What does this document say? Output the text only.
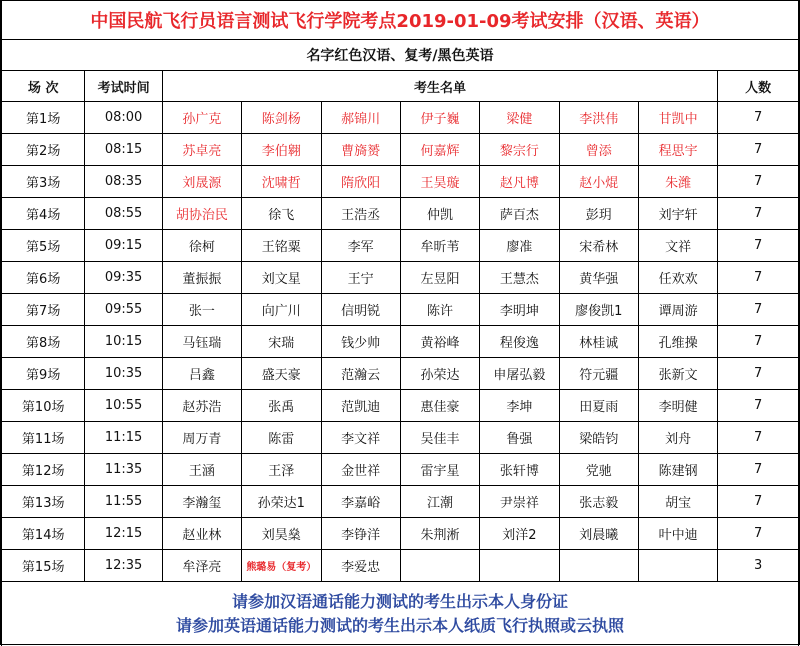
中国民航飞行员语言测试飞行学院考点2019-01-09考试安排（汉语、英语）									
名字红色汉语、复考/黑色英语									
场 次	考试时间	考生名单							人数
第1场	08:00	孙广克	陈剑杨	郝锦川	伊子巍	梁健	李洪伟	甘凯中	7
第2场	08:15	苏卓亮	李伯翱	曹旖赟	何嘉辉	黎宗行	曾添	程思宇	7
第3场	08:35	刘晟源	沈啸哲	隋欣阳	王昊璇	赵凡博	赵小焜	朱潍	7
第4场	08:55	胡协治民	徐飞	王浩丞	仲凯	萨百杰	彭玥	刘宇轩	7
第5场	09:15	徐柯	王铭粟	李军	牟昕苇	廖准	宋希林	文祥	7
第6场	09:35	董振振	刘文星	王宁	左昱阳	王慧杰	黄华强	任欢欢	7
第7场	09:55	张一	向广川	信明锐	陈许	李明坤	廖俊凯1	谭周游	7
第8场	10:15	马钰瑞	宋瑞	钱少帅	黄裕峰	程俊逸	林桂诚	孔维操	7
第9场	10:35	吕鑫	盛天豪	范瀚云	孙荣达	申屠弘毅	符元疆	张新文	7
第10场	10:55	赵苏浩	张禹	范凯迪	惠佳豪	李坤	田夏雨	李明健	7
第11场	11:15	周万青	陈雷	李文祥	吴佳丰	鲁强	梁皓钧	刘舟	7
第12场	11:35	王涵	王泽	金世祥	雷宇星	张轩博	党驰	陈建钢	7
第13场	11:55	李瀚玺	孙荣达1	李嘉峪	江潮	尹崇祥	张志毅	胡宝	7
第14场	12:15	赵业林	刘昊燊	李铮洋	朱荆淅	刘洋2	刘晨曦	叶中迪	7
第15场	12:35	牟泽亮	熊璐易（复考）	李爱忠					3

请参加汉语通话能力测试的考生出示本人身份证
请参加英语通话能力测试的考生出示本人纸质飞行执照或云执照									
